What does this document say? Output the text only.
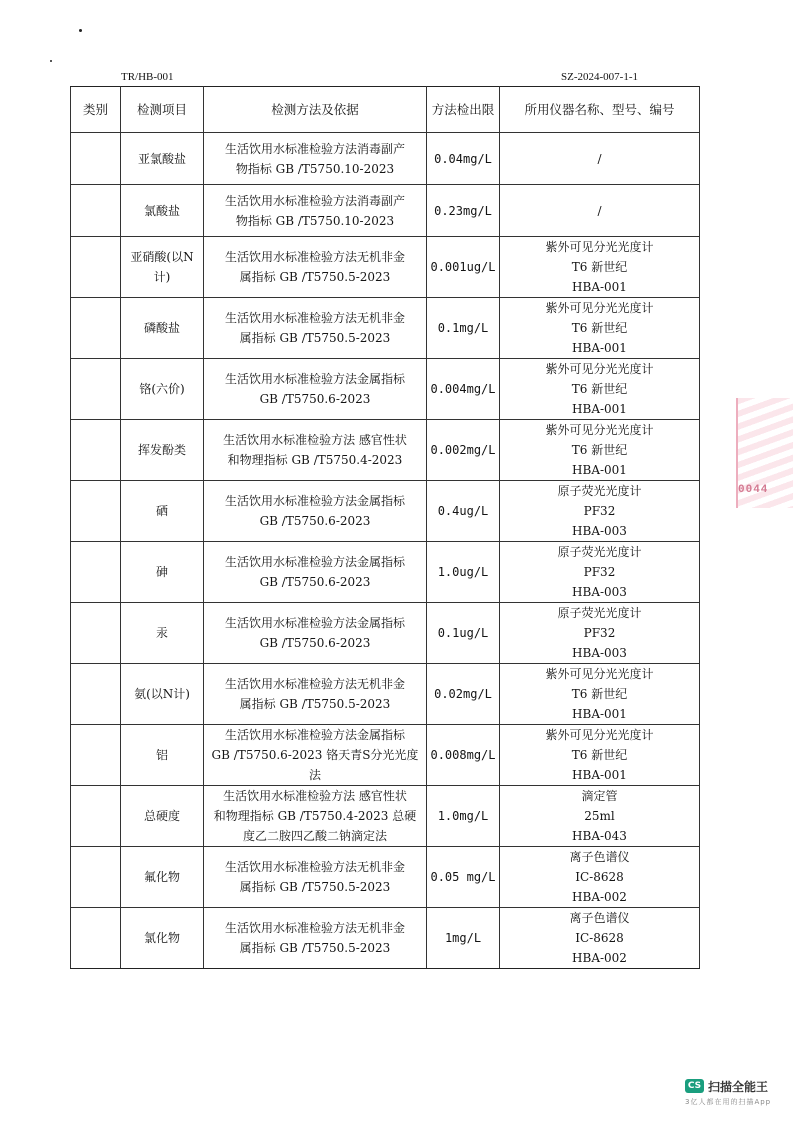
TR/HB-001	SZ-2024-007-1-1
类别	检测项目	检测方法及依据	方法检出限	所用仪器名称、型号、编号

	亚氯酸盐	生活饮用水标准检验方法消毒副产
物指标 GB /T5750.10-2023	0.04mg/L	/

	氯酸盐	生活饮用水标准检验方法消毒副产
物指标 GB /T5750.10-2023	0.23mg/L	/

	亚硝酸(以N
计)	生活饮用水标准检验方法无机非金
属指标 GB /T5750.5-2023	0.001ug/L	紫外可见分光光度计
T6 新世纪
HBA-001

	磷酸盐	生活饮用水标准检验方法无机非金
属指标 GB /T5750.5-2023	0.1mg/L	紫外可见分光光度计
T6 新世纪
HBA-001

	铬(六价)	生活饮用水标准检验方法金属指标
GB /T5750.6-2023	0.004mg/L	紫外可见分光光度计
T6 新世纪
HBA-001

	挥发酚类	生活饮用水标准检验方法 感官性状
和物理指标 GB /T5750.4-2023	0.002mg/L	紫外可见分光光度计
T6 新世纪
HBA-001

	硒	生活饮用水标准检验方法金属指标
GB /T5750.6-2023	0.4ug/L	原子荧光光度计
PF32
HBA-003

	砷	生活饮用水标准检验方法金属指标
GB /T5750.6-2023	1.0ug/L	原子荧光光度计
PF32
HBA-003

	汞	生活饮用水标准检验方法金属指标
GB /T5750.6-2023	0.1ug/L	原子荧光光度计
PF32
HBA-003

	氨(以N计)	生活饮用水标准检验方法无机非金
属指标 GB /T5750.5-2023	0.02mg/L	紫外可见分光光度计
T6 新世纪
HBA-001

	铝	生活饮用水标准检验方法金属指标
GB /T5750.6-2023 铬天青S分光光度
法	0.008mg/L	紫外可见分光光度计
T6 新世纪
HBA-001

	总硬度	生活饮用水标准检验方法 感官性状
和物理指标 GB /T5750.4-2023 总硬
度乙二胺四乙酸二钠滴定法	1.0mg/L	滴定管
25ml
HBA-043

	氟化物	生活饮用水标准检验方法无机非金
属指标 GB /T5750.5-2023	0.05 mg/L	离子色谱仪
IC-8628
HBA-002

	氯化物	生活饮用水标准检验方法无机非金
属指标 GB /T5750.5-2023	1mg/L	离子色谱仪
IC-8628
HBA-002
0044
CS 扫描全能王
3亿人都在用的扫描App
